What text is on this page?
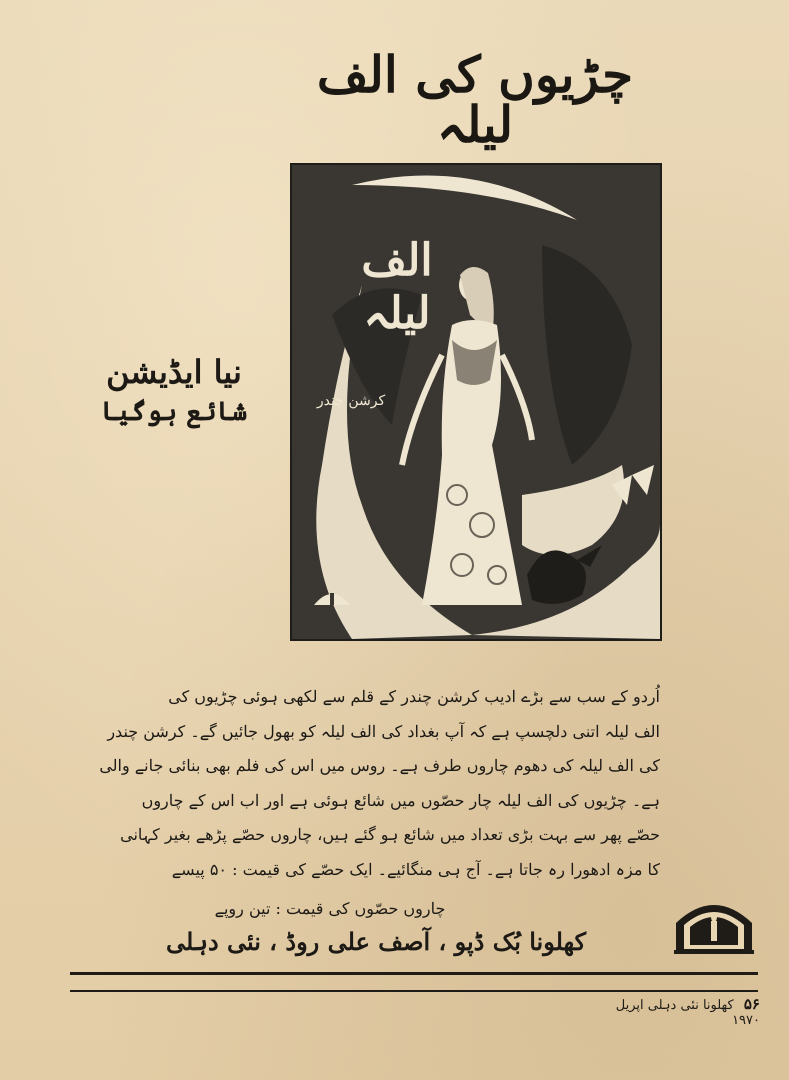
چڑیوں کی الف لیلہ
الف لیلہ
کرشن چندر
نیا ایڈیشن
شائع ہوگیا
اُردو کے سب سے بڑے ادیب کرشن چندر کے قلم سے لکھی ہوئی چڑیوں کی
الف لیلہ اتنی دلچسپ ہے کہ آپ بغداد کی الف لیلہ کو بھول جائیں گے۔ کرشن چندر
کی الف لیلہ کی دھوم چاروں طرف ہے۔ روس میں اس کی فلم بھی بنائی جانے والی
ہے۔ چڑیوں کی الف لیلہ چار حصّوں میں شائع ہوئی ہے اور اب اس کے چاروں
حصّے پھر سے بہت بڑی تعداد میں شائع ہو گئے ہیں، چاروں حصّے پڑھے بغیر کہانی
کا مزہ ادھورا رہ جاتا ہے۔ آج ہی منگائیے۔ ایک حصّے کی قیمت : ۵۰ پیسے
چاروں حصّوں کی قیمت : تین روپے
کھلونا بُک ڈپو ، آصف علی روڈ ، نئی دہلی
۵۶ کھلونا نئی دہلی اپریل ۱۹۷۰
